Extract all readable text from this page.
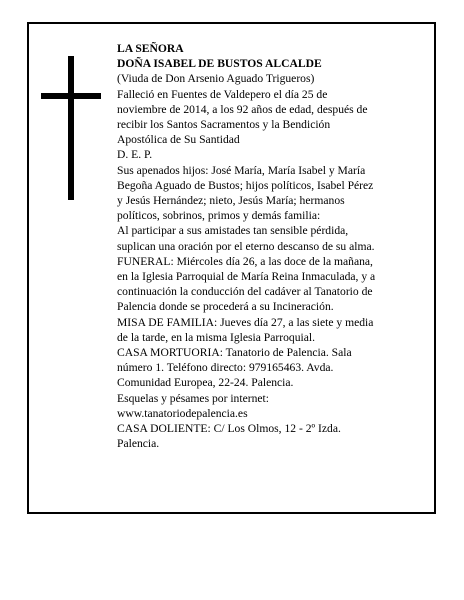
LA SEÑORA
DOÑA ISABEL DE BUSTOS ALCALDE
(Viuda de Don Arsenio Aguado Trigueros)
Falleció en Fuentes de Valdepero el día 25 de
noviembre de 2014, a los 92 años de edad, después de
recibir los Santos Sacramentos y la Bendición
Apostólica de Su Santidad
D. E. P.
Sus apenados hijos: José María, María Isabel y María
Begoña Aguado de Bustos; hijos políticos, Isabel Pérez
y Jesús Hernández; nieto, Jesús María; hermanos
políticos, sobrinos, primos y demás familia:
Al participar a sus amistades tan sensible pérdida,
suplican una oración por el eterno descanso de su alma.
FUNERAL: Miércoles día 26, a las doce de la mañana,
en la Iglesia Parroquial de María Reina Inmaculada, y a
continuación la conducción del cadáver al Tanatorio de
Palencia donde se procederá a su Incineración.
MISA DE FAMILIA: Jueves día 27, a las siete y media
de la tarde, en la misma Iglesia Parroquial.
CASA MORTUORIA: Tanatorio de Palencia. Sala
número 1. Teléfono directo: 979165463. Avda.
Comunidad Europea, 22-24. Palencia.
Esquelas y pésames por internet:
www.tanatoriodepalencia.es
CASA DOLIENTE: C/ Los Olmos, 12 - 2º Izda.
Palencia.
